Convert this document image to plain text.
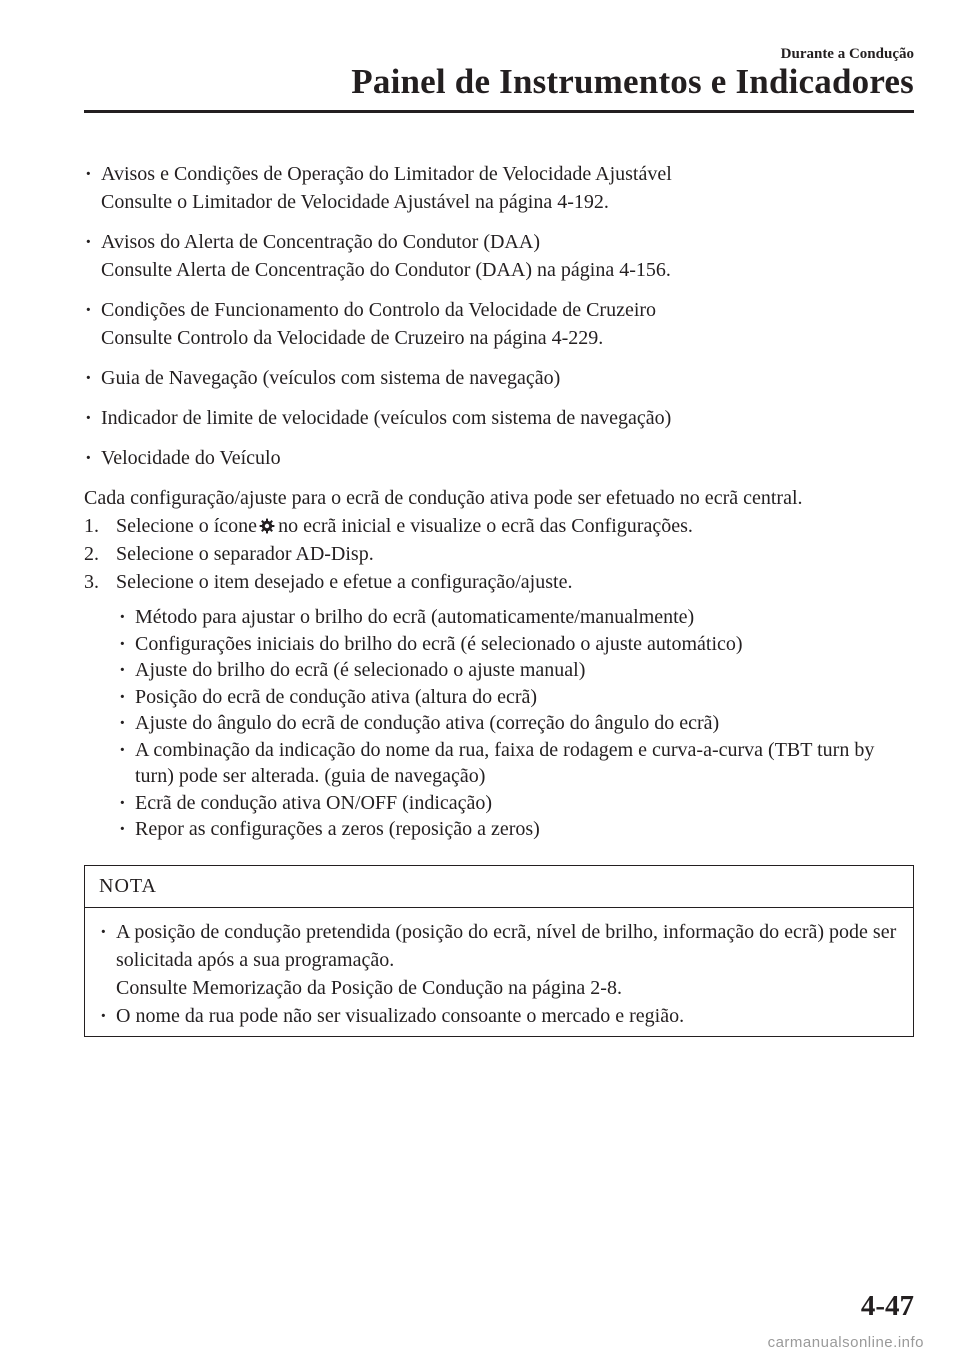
Durante a Condução
Painel de Instrumentos e Indicadores
· Avisos e Condições de Operação do Limitador de Velocidade Ajustável
Consulte o Limitador de Velocidade Ajustável na página 4-192.
· Avisos do Alerta de Concentração do Condutor (DAA)
Consulte Alerta de Concentração do Condutor (DAA) na página 4-156.
· Condições de Funcionamento do Controlo da Velocidade de Cruzeiro
Consulte Controlo da Velocidade de Cruzeiro na página 4-229.
· Guia de Navegação (veículos com sistema de navegação)
· Indicador de limite de velocidade (veículos com sistema de navegação)
· Velocidade do Veículo

Cada configuração/ajuste para o ecrã de condução ativa pode ser efetuado no ecrã central.

1. Selecione o ícone no ecrã inicial e visualize o ecrã das Configurações.
2. Selecione o separador AD-Disp.
3. Selecione o item desejado e efetue a configuração/ajuste.
· Método para ajustar o brilho do ecrã (automaticamente/manualmente)
· Configurações iniciais do brilho do ecrã (é selecionado o ajuste automático)
· Ajuste do brilho do ecrã (é selecionado o ajuste manual)
· Posição do ecrã de condução ativa (altura do ecrã)
· Ajuste do ângulo do ecrã de condução ativa (correção do ângulo do ecrã)
· A combinação da indicação do nome da rua, faixa de rodagem e curva-a-curva (TBT turn by turn) pode ser alterada. (guia de navegação)
· Ecrã de condução ativa ON/OFF (indicação)
· Repor as configurações a zeros (reposição a zeros)
NOTA
· A posição de condução pretendida (posição do ecrã, nível de brilho, informação do ecrã) pode ser solicitada após a sua programação.
Consulte Memorização da Posição de Condução na página 2-8.
· O nome da rua pode não ser visualizado consoante o mercado e região.
4-47
carmanualsonline.info
